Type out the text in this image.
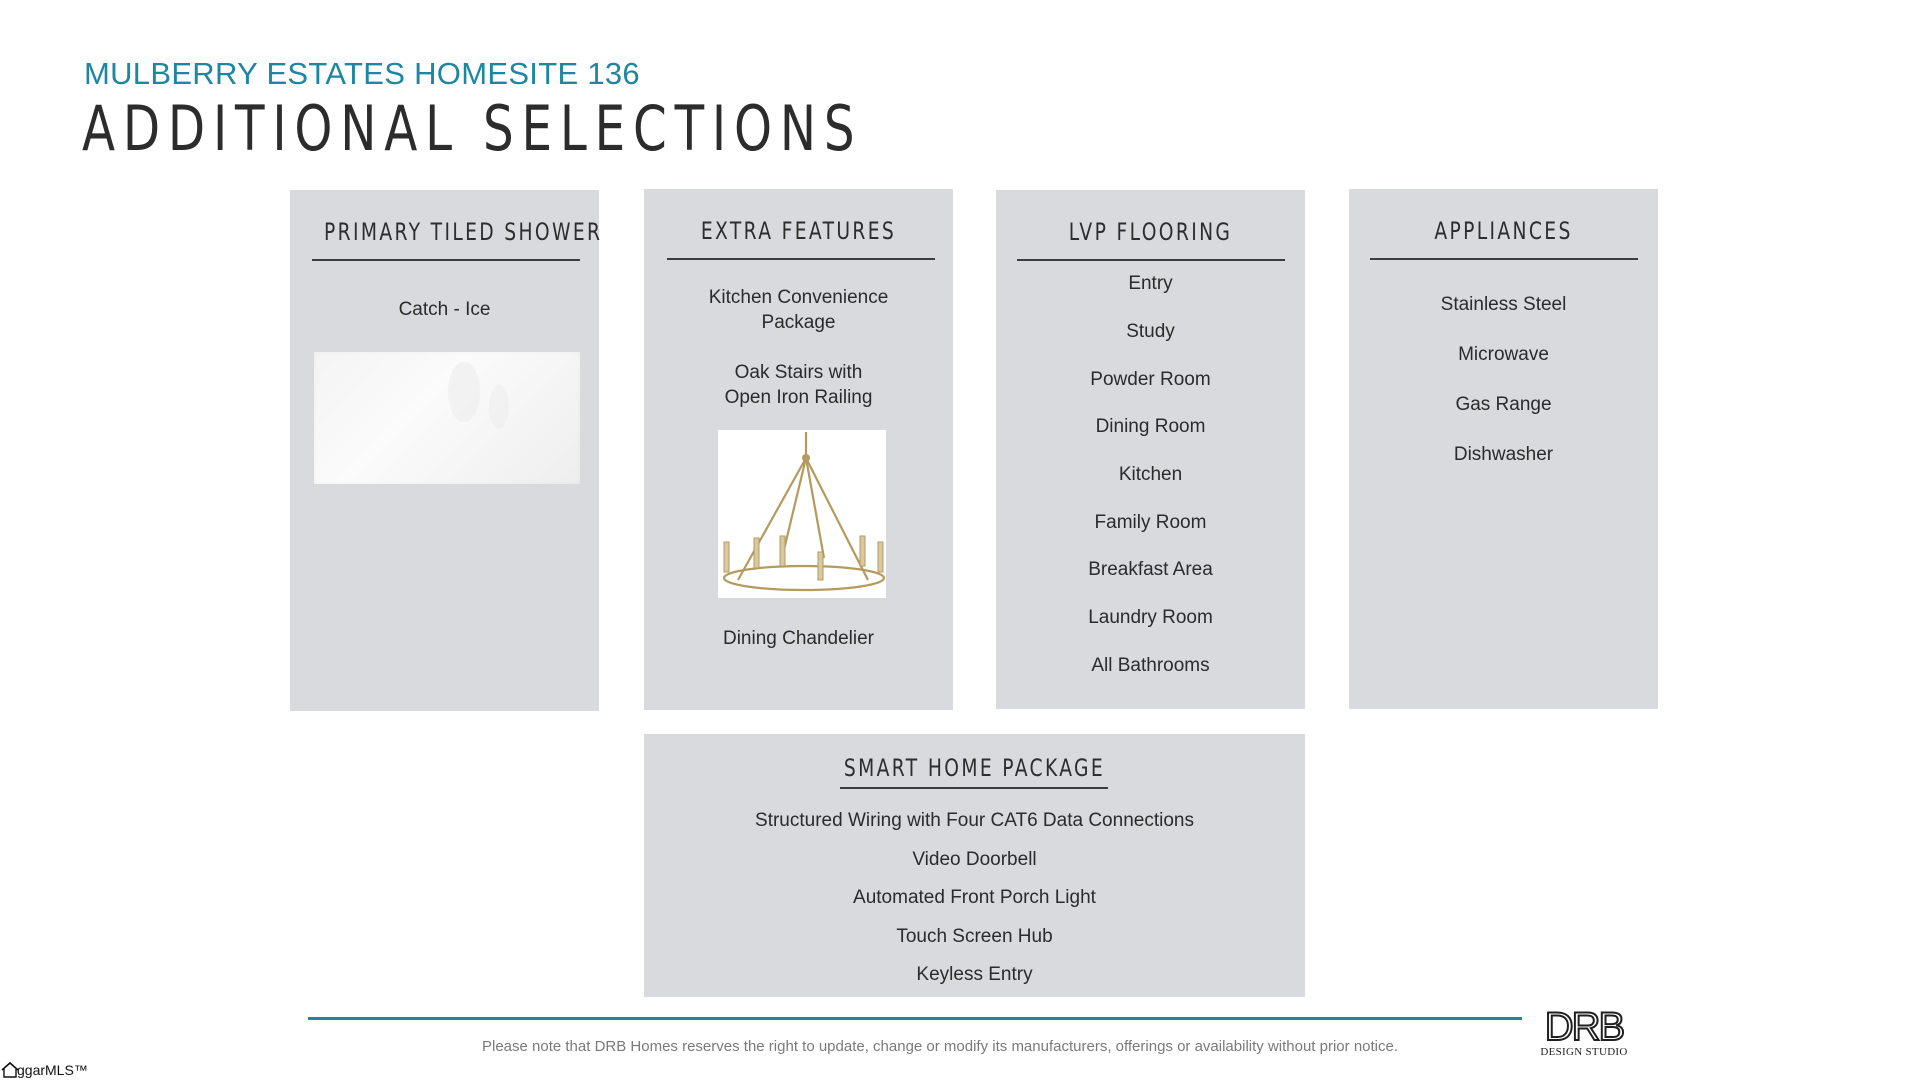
MULBERRY ESTATES HOMESITE 136
ADDITIONAL SELECTIONS
PRIMARY TILED SHOWER
Catch - Ice
EXTRA FEATURES
Kitchen Convenience
Package
Oak Stairs with
Open Iron Railing
Dining Chandelier
LVP FLOORING
Entry
Study
Powder Room
Dining Room
Kitchen
Family Room
Breakfast Area
Laundry Room
All Bathrooms
APPLIANCES
Stainless Steel
Microwave
Gas Range
Dishwasher
SMART HOME PACKAGE
Structured Wiring with Four CAT6 Data Connections
Video Doorbell
Automated Front Porch Light
Touch Screen Hub
Keyless Entry
Please note that DRB Homes reserves the right to update, change or modify its manufacturers, offerings or availability without prior notice.	DRB
DESIGN STUDIO
ggarMLS™
